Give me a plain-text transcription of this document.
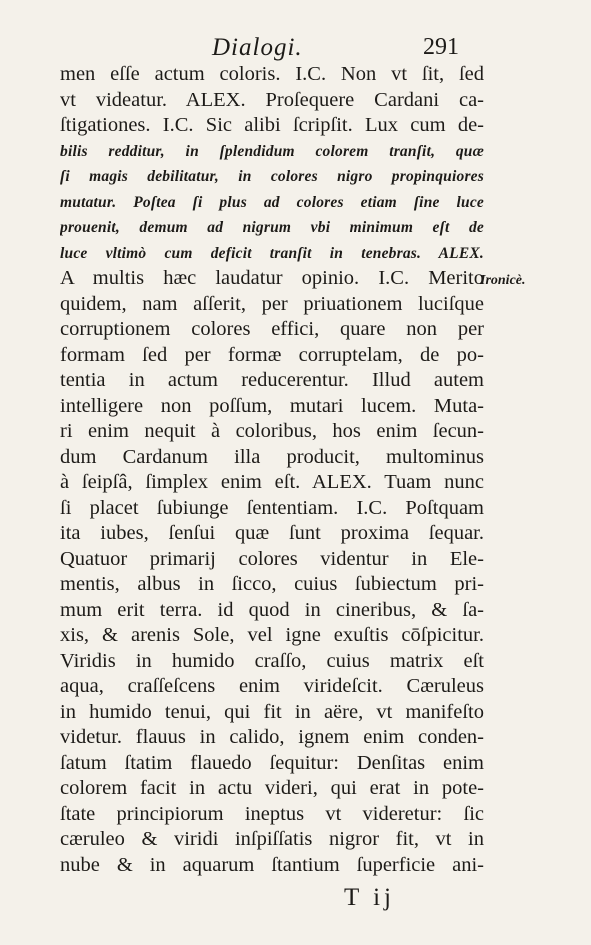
Dialogi.	291
men eſſe actum coloris. I.C. Non vt ſit, ſed
vt videatur. ALEX. Proſequere Cardani ca-
ſtigationes. I.C. Sic alibi ſcripſit. Lux cum de-
bilis redditur, in ſplendidum colorem tranſit, quæ
ſi magis debilitatur, in colores nigro propinquiores
mutatur. Poſtea ſi plus ad colores etiam ſine luce
prouenit, demum ad nigrum vbi minimum eſt de
luce vltimò cum deficit tranſit in tenebras. ALEX.
A multis hæc laudatur opinio. I.C. Merito
quidem, nam aſſerit, per priuationem luciſque
corruptionem colores effici, quare non per
formam ſed per formæ corruptelam, de po-
tentia in actum reducerentur. Illud autem
intelligere non poſſum, mutari lucem. Muta-
ri enim nequit à coloribus, hos enim ſecun-
dum Cardanum illa producit, multominus
à ſeipſâ, ſimplex enim eſt. ALEX. Tuam nunc
ſi placet ſubiunge ſententiam. I.C. Poſtquam
ita iubes, ſenſui quæ ſunt proxima ſequar.
Quatuor primarij colores videntur in Ele-
mentis, albus in ſicco, cuius ſubiectum pri-
mum erit terra. id quod in cineribus, & ſa-
xis, & arenis Sole, vel igne exuſtis cōſpicitur.
Viridis in humido craſſo, cuius matrix eſt
aqua, craſſeſcens enim virideſcit. Cæruleus
in humido tenui, qui fit in aëre, vt manifeſto
videtur. flauus in calido, ignem enim conden-
ſatum ſtatim flauedo ſequitur: Denſitas enim
colorem facit in actu videri, qui erat in pote-
ſtate principiorum ineptus vt videretur: ſic
cæruleo & viridi inſpiſſatis nigror fit, vt in
nube & in aquarum ſtantium ſuperficie ani-
Ironicè.
T ij
